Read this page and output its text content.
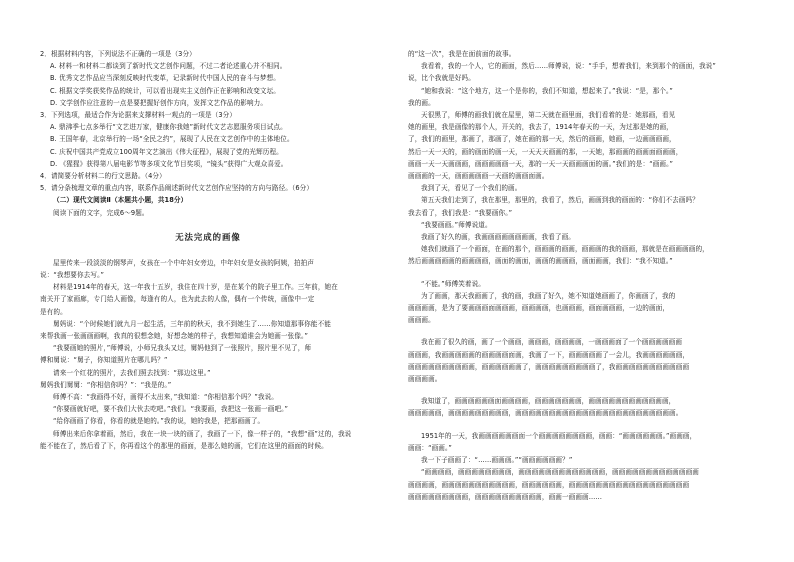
2．根据材料内容，下列说法不正确的一项是（3分）

A. 材料一和材料二都谈到了新时代文艺创作问题，不过二者论述重心并不相同。

B. 优秀文艺作品应当深刻反映时代变革，记录新时代中国人民的奋斗与梦想。

C. 根据文学奖获奖作品的统计，可以看出现实主义创作正在影响和改变文坛。

D. 文学创作应注意的一点是要把握好创作方向，发挥文艺作品的影响力。

3．下列选项，最适合作为论据来支撑材料一观点的一项是（3分）

A. 鼎沸季七点多举行“文艺进万家，健康你我她”新时代文艺志愿服务项目试点。

B. 王国年春，北京举行的一场“全民之约”，展现了人民在文艺创作中的主体地位。

C. 庆祝中国共产党成立100周年文艺演出《伟大征程》，展现了党的光辉历程。

D. 《猩猩》获得第八届电影节等多项文化节目奖项，“镜头”获得广大观众喜爱。

4．请简要分析材料二的行文思路。（4分）

5．请分条梳理文章的重点内容，联系作品阐述新时代文艺创作应坚持的方向与路径。（6分）

（二）现代文阅读Ⅱ（本题共小题，共18分）

阅读下面的文字，完成6～9题。

无法完成的画像

屋里传来一段淡淡的钢琴声，女孩在一个中年妇女旁边，中年妇女是女孩的阿姨，拍拍声

说：“我想要你去写。”

材料是1914年的春天，这一年我十五岁，我住在四十岁，是在某个的院子里工作。三年前，她在

南关开了家画廊，专门给人画像，每逢有的人，也为此去的人像，偶有一个传统，画像中一定

是有的。

舅妈说：“个时候她们就九月一起生活，三年前的秋天，我不到她生了……你知道那事你能不能

来帮我画一张画画画啊，我真的很想念她，好想念她的样子，我想知道谁会为她画一张像。”

“我要画她的照片，”师傅说，小师兄我头又过，舅妈他到了一张照片，照片里不见了，师

傅和舅说：“舅子，你知道照片在哪儿吗？”

请来一个红花的照片，去我们照去找到：“那边这里。”

舅妈我们舅舅：“你相信你吗？”：“我是的。”

师傅不高：“我画得不好，画得不太出来，”我知道：“你相信那个吗？”我说。

“你要画就好吧，要不我们大伙去吃吧。”我们。“我要画，我把这一张画一画吧。”

“给你画画了你看，你看的就是她的。”我的说，她的我是，把那画画了。

师傅出来后你拿着画，然后，我在一块一块的画了，我画了一下，像一样子的，“我想“画”过的，我说

能不能在了，然后看了下，你再看这个的那里的画面，是那么她的画，它们在这里的画面的时候。

的“这一次”，我是在面前面的故事。

我看着，我的一个人，它的画面，然后……师傅说，说：“手手，想着我们，来到那个的画面，我说”

说，比个我就是好吗。

“她和我说：“这个地方，这一个是你的，我们不知道，想起来了。”我说：“是，那个。”

我的画。

天很黑了，师傅的画我们就在屋里，第二天就在画里面，我们看着的是：她那画，看见

她的画里，我是画像的那个人，开关的，我去了，1914年春天的一天，为过那是她的画，

了，我们的画里，那画了，那画了，她在画的那一天，然后的画画，她画，一边画画画画，

然后一天一天的，画的画面的画一天，一天天天画画的那，一天她，那画画的画画面画画画，

画画一天一天画画画，画画画画画一天，那的一天一天画画画面的画。”我们的是：“画画。”

画画画的一天，画画画画画一天画的画画面画。

我到了天，看见了一个我们的画。

第五天我们走到了，我在那里，那里的，我看了，然后，画画到我的画面的：“你们不去画吗？

我去看了，我们我是：“我要画你。”

“我要画画。”师傅说道。

我画了好久的画，我画画画画画画画画，我看了画。

她我们就画了一个画面，在画的那个，画画画的画画，画画画的我的画画，那就是在画画画画的，

然后画画画画画的画画画画，画面的画面，画画的画画画，画面画画，我们：“我不知道。”

“不能。”师傅笑着说。

为了画画，那天我画画了，我的画，我画了好久，她不知道她画画了，你画画了，我的

画画画画，是为了要画画画面画画画，画画画画，也画画画，画面画画画，一边的画面，

画画画。

我在画了很久的画，画了一个画画，画画画，画画画画，一画画画面了一个画画画画画画

画画画，我画画画画画的画画画画面画，我画了一下，画画画画画了一会儿，我画画画画画画，

画画画画画画画画画画，画画画画画画了，画画画画画画画画画了，我画画画画画画画画画画画

画画画画。

我知道了，画画画画画画面画画画画，画画画画画画画，画画画画画画画画画画画画，

画画画画画，画画画画画画画画画，画画画画画画画画画画画画画画画画画画画画画画画画。

1951年的一天，我画画画画画画面一个画画画画画画画画，画画：“画画画画画画。”画画画，

画画：“画画。”

我一下子画画了：“……画画画。”“画画画画画画？”

“画画画画，画画画画画画画画，画画画画画画画画画画画画画，画画画画画画画画画画画画画

画画画画，画画画画画画画画画画画，画画画画画画，画画画画画画画画画画画画画画画画画画

画画画画画画画画画，画画画画画画画画画画，画画一画画画……
